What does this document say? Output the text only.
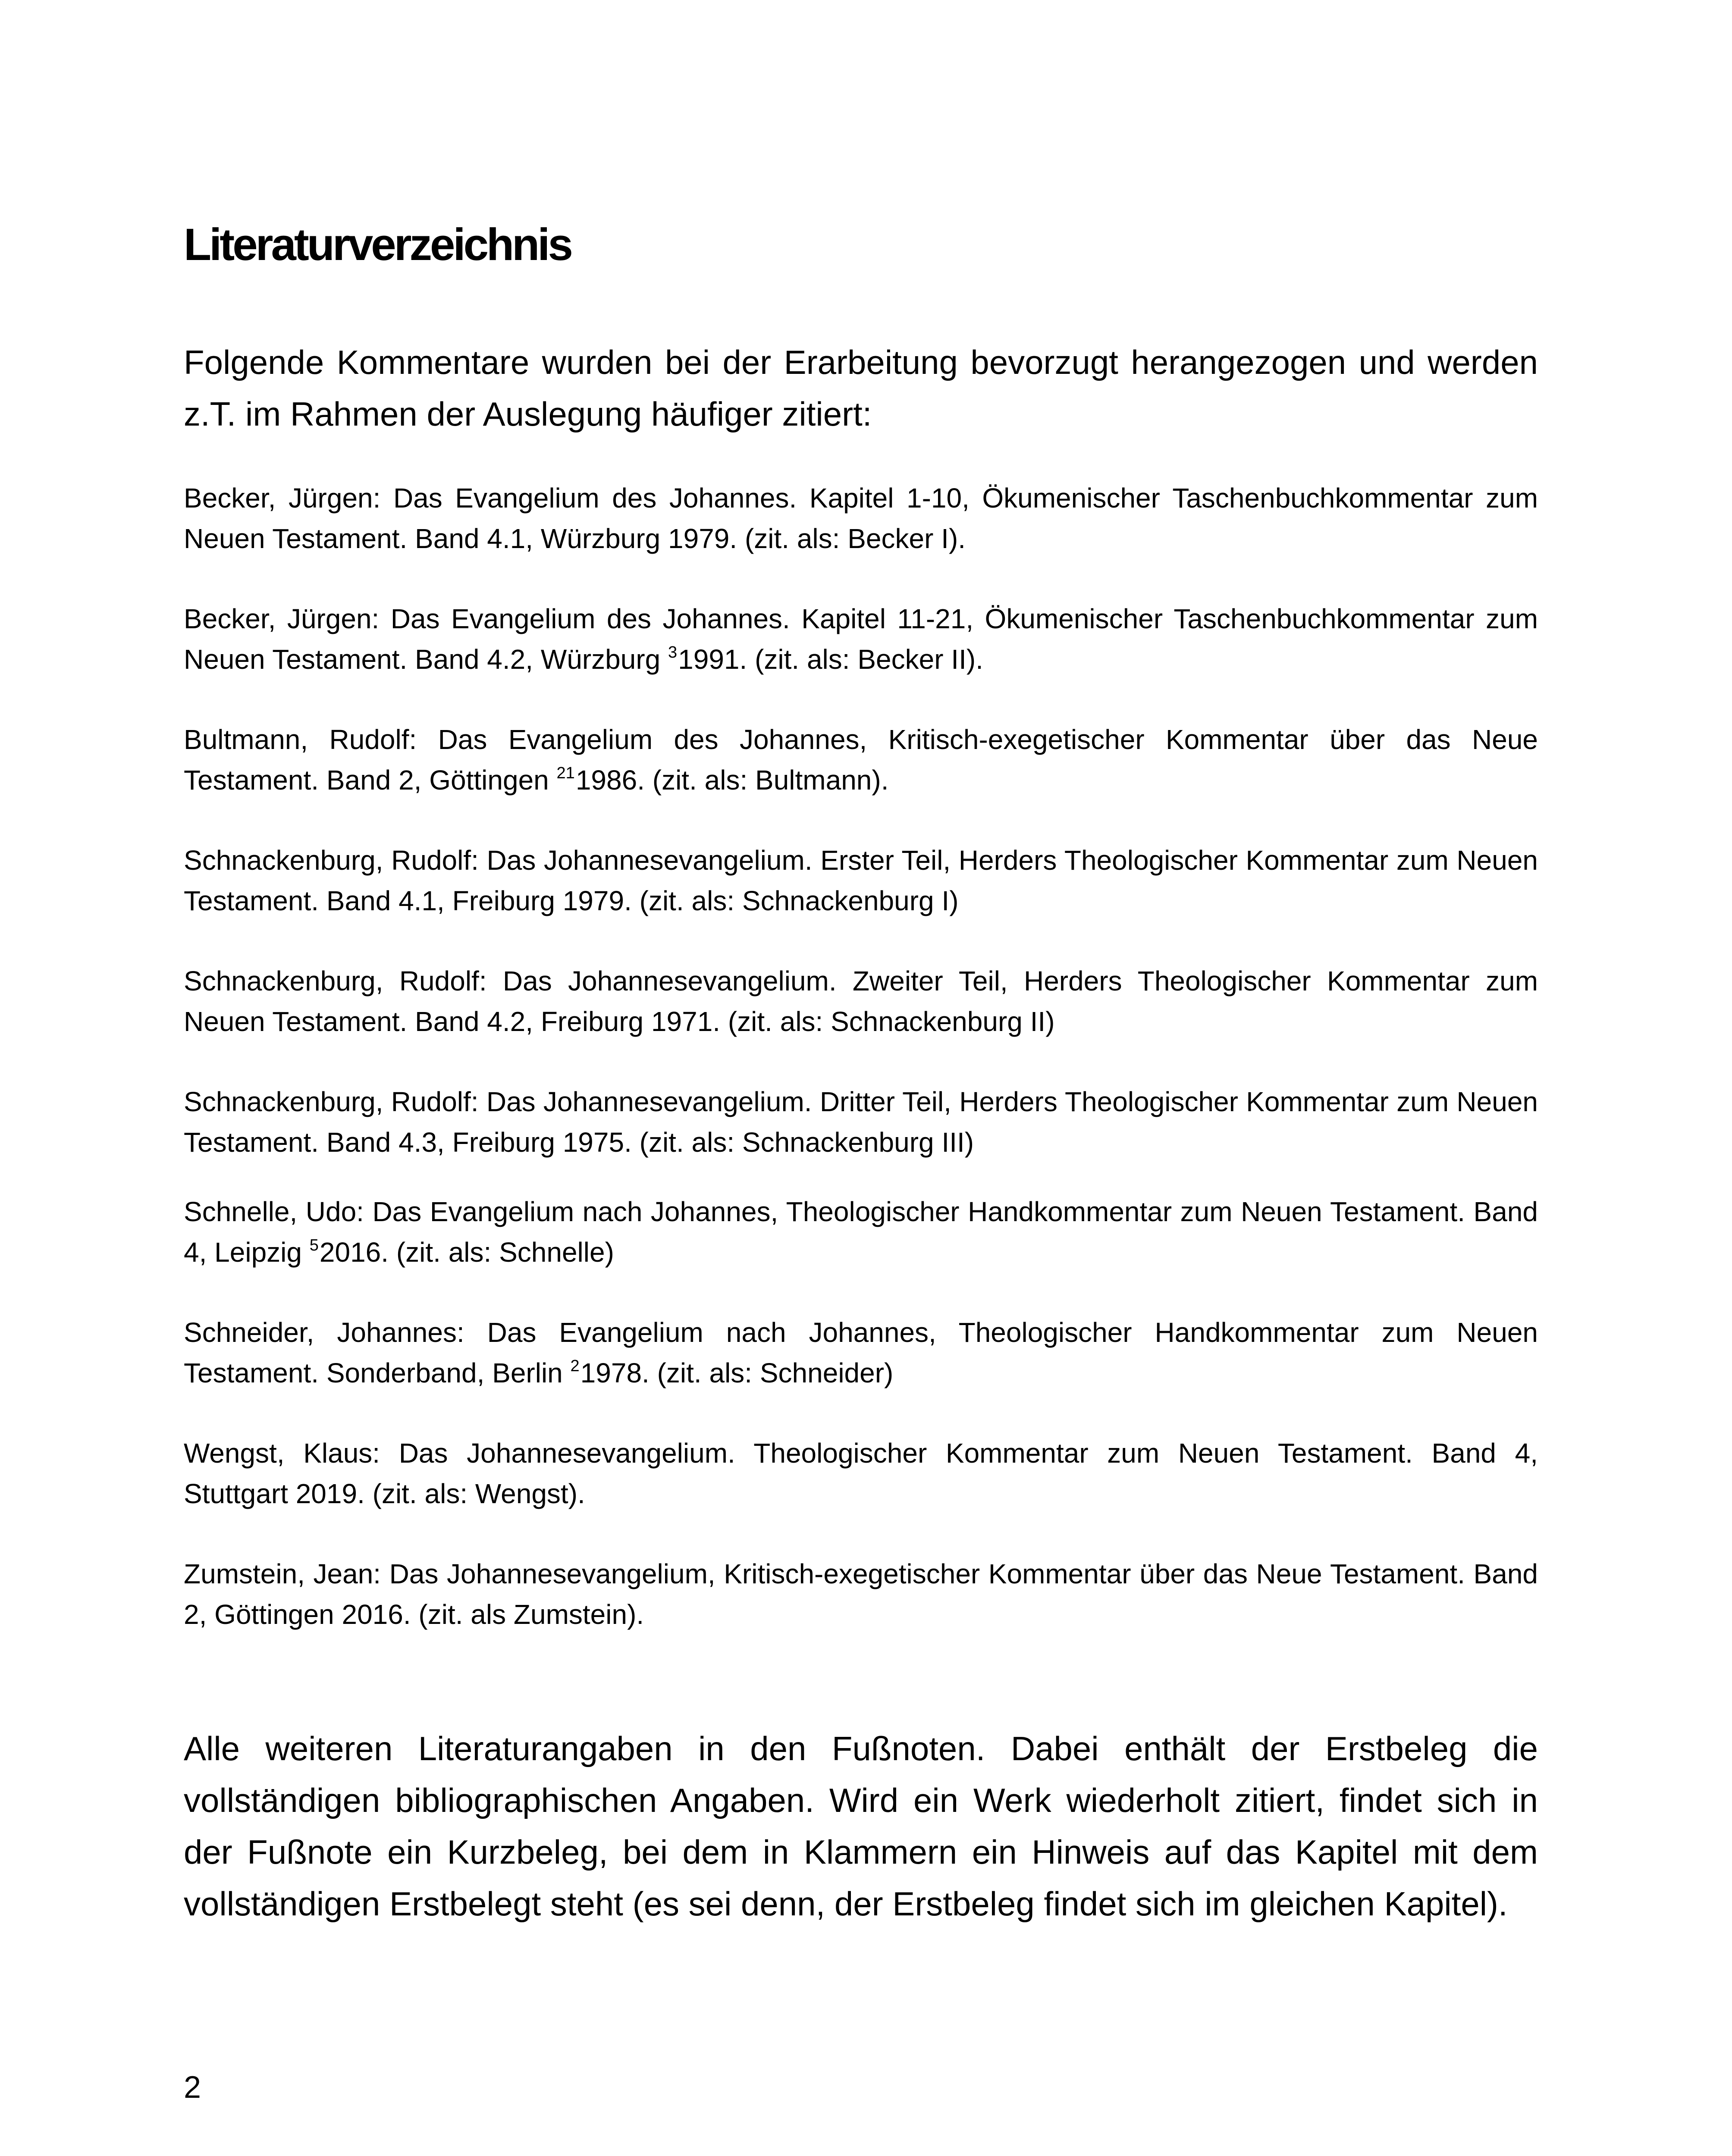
Literaturverzeichnis

Folgende Kommentare wurden bei der Erarbeitung bevorzugt herangezogen und werden z.T. im Rahmen der Auslegung häufiger zitiert:

Becker, Jürgen: Das Evangelium des Johannes. Kapitel 1-10, Ökumenischer Taschenbuchkommentar zum Neuen Testament. Band 4.1, Würzburg 1979. (zit. als: Becker I).
Becker, Jürgen: Das Evangelium des Johannes. Kapitel 11-21, Ökumenischer Taschenbuchkommentar zum Neuen Testament. Band 4.2, Würzburg $^3$1991. (zit. als: Becker II).
Bultmann, Rudolf: Das Evangelium des Johannes, Kritisch-exegetischer Kommentar über das Neue Testament. Band 2, Göttingen $^{21}$1986. (zit. als: Bultmann).
Schnackenburg, Rudolf: Das Johannesevangelium. Erster Teil, Herders Theologischer Kommentar zum Neuen Testament. Band 4.1, Freiburg 1979. (zit. als: Schnackenburg I)
Schnackenburg, Rudolf: Das Johannesevangelium. Zweiter Teil, Herders Theologischer Kommentar zum Neuen Testament. Band 4.2, Freiburg 1971. (zit. als: Schnackenburg II)
Schnackenburg, Rudolf: Das Johannesevangelium. Dritter Teil, Herders Theologischer Kommentar zum Neuen Testament. Band 4.3, Freiburg 1975. (zit. als: Schnackenburg III)
Schnelle, Udo: Das Evangelium nach Johannes, Theologischer Handkommentar zum Neuen Testament. Band 4, Leipzig $^5$2016. (zit. als: Schnelle)
Schneider, Johannes: Das Evangelium nach Johannes, Theologischer Handkommentar zum Neuen Testament. Sonderband, Berlin $^2$1978. (zit. als: Schneider)
Wengst, Klaus: Das Johannesevangelium. Theologischer Kommentar zum Neuen Testament. Band 4, Stuttgart 2019. (zit. als: Wengst).
Zumstein, Jean: Das Johannesevangelium, Kritisch-exegetischer Kommentar über das Neue Testament. Band 2, Göttingen 2016. (zit. als Zumstein).

Alle weiteren Literaturangaben in den Fußnoten. Dabei enthält der Erstbeleg die vollständigen bibliographischen Angaben. Wird ein Werk wiederholt zitiert, findet sich in der Fußnote ein Kurzbeleg, bei dem in Klammern ein Hinweis auf das Kapitel mit dem vollständigen Erstbelegt steht (es sei denn, der Erstbeleg findet sich im gleichen Kapitel).

2
